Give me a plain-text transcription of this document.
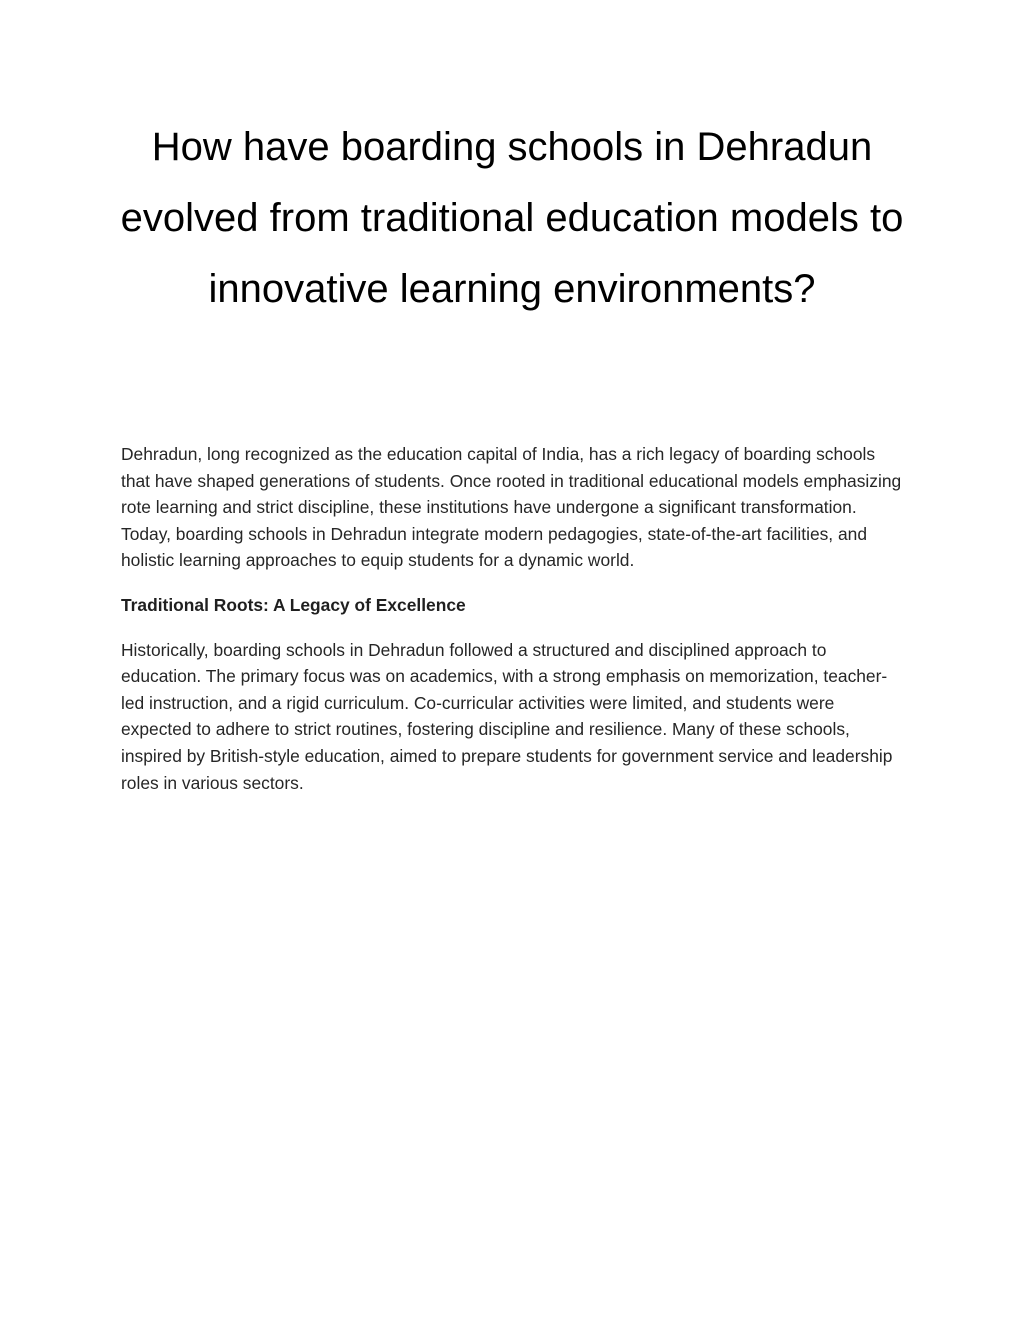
How have boarding schools in Dehradun evolved from traditional education models to innovative learning environments?

Dehradun, long recognized as the education capital of India, has a rich legacy of boarding schools that have shaped generations of students. Once rooted in traditional educational models emphasizing rote learning and strict discipline, these institutions have undergone a significant transformation. Today, boarding schools in Dehradun integrate modern pedagogies, state-of-the-art facilities, and holistic learning approaches to equip students for a dynamic world.

Traditional Roots: A Legacy of Excellence

Historically, boarding schools in Dehradun followed a structured and disciplined approach to education. The primary focus was on academics, with a strong emphasis on memorization, teacher-led instruction, and a rigid curriculum. Co-curricular activities were limited, and students were expected to adhere to strict routines, fostering discipline and resilience. Many of these schools, inspired by British-style education, aimed to prepare students for government service and leadership roles in various sectors.
